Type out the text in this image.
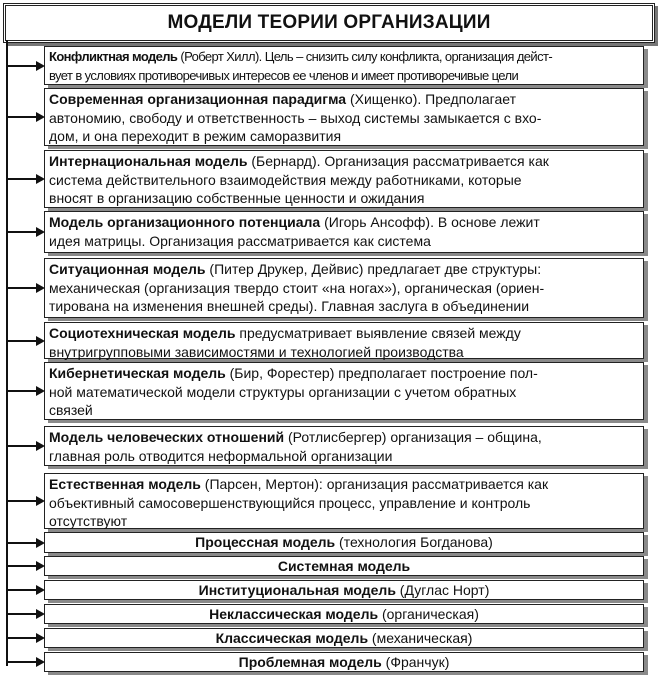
МОДЕЛИ ТЕОРИИ ОРГАНИЗАЦИИ
Конфликтная модель (Роберт Хилл). Цель – снизить силу конфликта, организация дейст-
вует в условиях противоречивых интересов ее членов и имеет противоречивые цели
Современная организационная парадигма (Хищенко). Предполагает
автономию, свободу и ответственность – выход системы замыкается с вхо-
дом, и она переходит в режим саморазвития
Интернациональная модель (Бернард). Организация рассматривается как
система действительного взаимодействия между работниками, которые
вносят в организацию собственные ценности и ожидания
Модель организационного потенциала (Игорь Ансофф). В основе лежит
идея матрицы. Организация рассматривается как система
Ситуационная модель (Питер Друкер, Дейвис) предлагает две структуры:
механическая (организация твердо стоит «на ногах»), органическая (ориен-
тирована на изменения внешней среды). Главная заслуга в объединении
Социотехническая модель предусматривает выявление связей между
внутригрупповыми зависимостями и технологией производства
Кибернетическая модель (Бир, Форестер) предполагает построение пол-
ной математической модели структуры организации с учетом обратных
связей
Модель человеческих отношений (Ротлисбергер) организация – община,
главная роль отводится неформальной организации
Естественная модель (Парсен, Мертон): организация рассматривается как
объективный самосовершенствующийся процесс, управление и контроль
отсутствуют
Процессная модель (технология Богданова)
Системная модель
Институциональная модель (Дуглас Норт)
Неклассическая модель (органическая)
Классическая модель (механическая)
Проблемная модель (Франчук)
